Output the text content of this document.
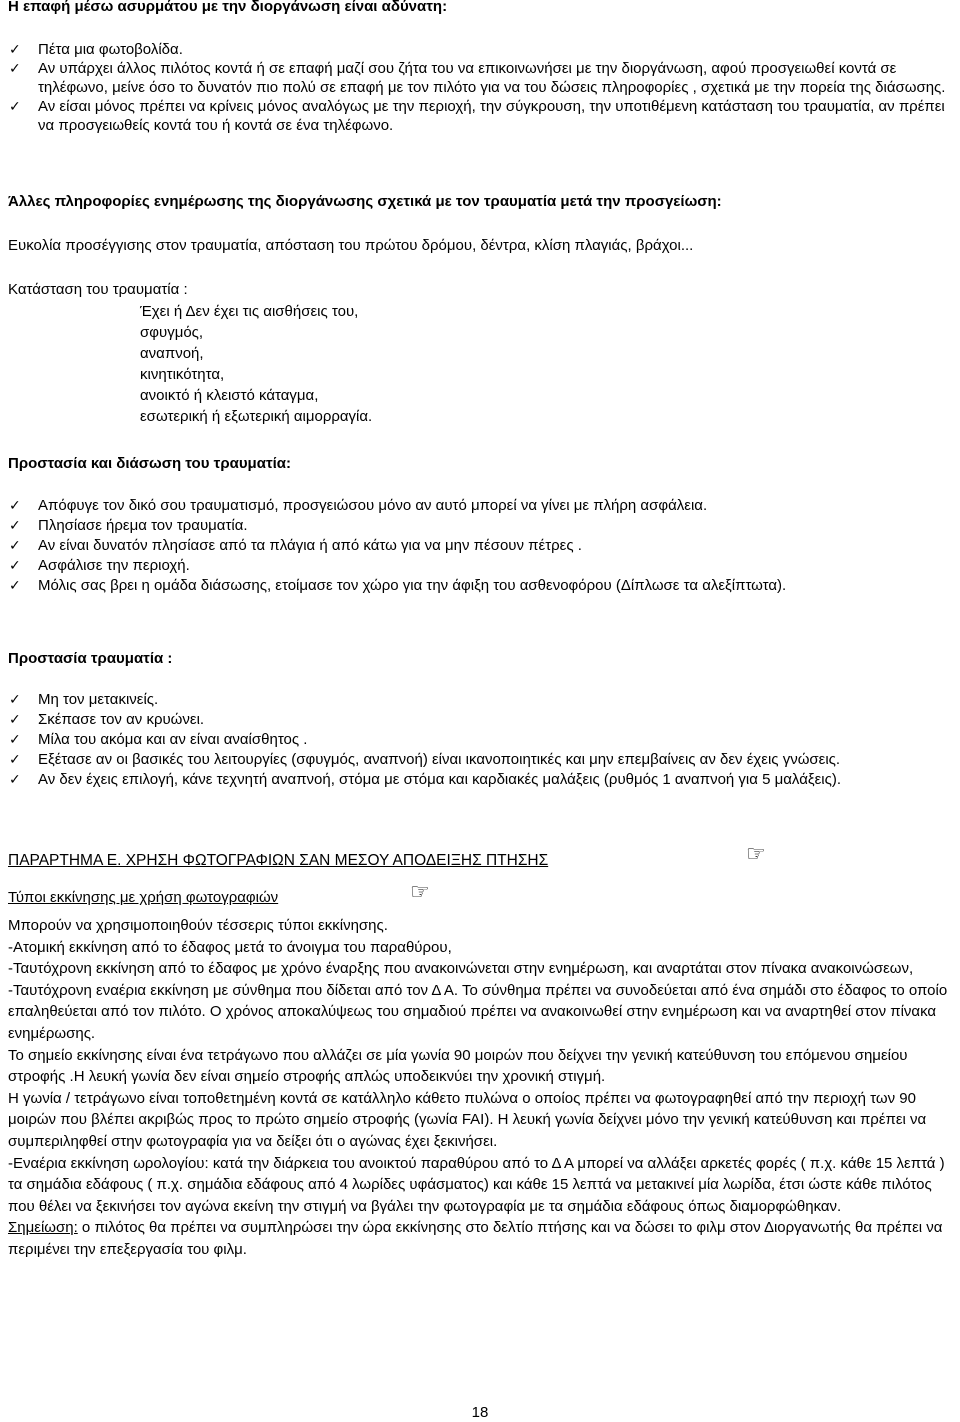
Η επαφή μέσω ασυρμάτου με την διοργάνωση είναι αδύνατη:
✓ Πέτα μια φωτοβολίδα.
✓ Αν υπάρχει άλλος πιλότος κοντά ή σε επαφή μαζί σου ζήτα του να επικοινωνήσει με την διοργάνωση, αφού προσγειωθεί κοντά σε τηλέφωνο, μείνε όσο το δυνατόν πιο πολύ σε επαφή με τον πιλότο για να του δώσεις πληροφορίες , σχετικά με την πορεία της διάσωσης.
✓ Αν είσαι μόνος πρέπει να κρίνεις μόνος αναλόγως με την περιοχή, την σύγκρουση, την υποτιθέμενη κατάσταση του τραυματία, αν πρέπει να προσγειωθείς κοντά του ή κοντά σε ένα τηλέφωνο.
Άλλες πληροφορίες ενημέρωσης της διοργάνωσης σχετικά με τον τραυματία μετά την προσγείωση:
Ευκολία προσέγγισης στον τραυματία, απόσταση του πρώτου δρόμου, δέντρα, κλίση πλαγιάς, βράχοι...
Κατάσταση του τραυματία :
Έχει ή Δεν έχει τις αισθήσεις του,
σφυγμός,
αναπνοή,
κινητικότητα,
ανοικτό ή κλειστό κάταγμα,
εσωτερική ή εξωτερική αιμορραγία.
Προστασία και διάσωση του τραυματία:
✓ Απόφυγε τον δικό σου τραυματισμό, προσγειώσου μόνο αν αυτό μπορεί να γίνει με πλήρη ασφάλεια.
✓ Πλησίασε ήρεμα τον τραυματία.
✓ Αν είναι δυνατόν πλησίασε από τα πλάγια ή από κάτω για να μην πέσουν πέτρες .
✓ Ασφάλισε την περιοχή.
✓ Μόλις σας βρει η ομάδα διάσωσης, ετοίμασε τον χώρο για την άφιξη του ασθενοφόρου (Δίπλωσε τα αλεξίπτωτα).
Προστασία τραυματία :
✓ Μη τον μετακινείς.
✓ Σκέπασε τον αν κρυώνει.
✓ Μίλα του ακόμα και αν είναι αναίσθητος .
✓ Εξέτασε αν οι βασικές του λειτουργίες (σφυγμός, αναπνοή) είναι ικανοποιητικές και μην επεμβαίνεις αν δεν έχεις γνώσεις.
✓ Αν δεν έχεις επιλογή, κάνε τεχνητή αναπνοή, στόμα με στόμα και καρδιακές μαλάξεις (ρυθμός 1 αναπνοή για 5 μαλάξεις).
ΠΑΡΑΡΤΗΜΑ Ε. ΧΡΗΣΗ ΦΩΤΟΓΡΑΦΙΩΝ ΣΑΝ ΜΕΣΟΥ ΑΠΟΔΕΙΞΗΣ ΠΤΗΣΗΣ	☞
Τύποι εκκίνησης με χρήση φωτογραφιών	☞

Μπορούν να χρησιμοποιηθούν τέσσερις τύποι εκκίνησης.

-Ατομική εκκίνηση από το έδαφος μετά το άνοιγμα του παραθύρου,

-Ταυτόχρονη εκκίνηση από το έδαφος με χρόνο έναρξης που ανακοινώνεται στην ενημέρωση, και αναρτάται στον πίνακα ανακοινώσεων,

-Ταυτόχρονη εναέρια εκκίνηση με σύνθημα που δίδεται από τον Δ Α. Το σύνθημα πρέπει να συνοδεύεται από ένα σημάδι στο έδαφος το οποίο επαληθεύεται από τον πιλότο. Ο χρόνος αποκαλύψεως του σημαδιού πρέπει να ανακοινωθεί στην ενημέρωση και να αναρτηθεί στον πίνακα ενημέρωσης.

Το σημείο εκκίνησης είναι ένα τετράγωνο που αλλάζει σε μία γωνία 90 μοιρών που δείχνει την γενική κατεύθυνση του επόμενου σημείου στροφής .Η λευκή γωνία δεν είναι σημείο στροφής απλώς υποδεικνύει την χρονική στιγμή.

Η γωνία / τετράγωνο είναι τοποθετημένη κοντά σε κατάλληλο κάθετο πυλώνα ο οποίος πρέπει να φωτογραφηθεί από την περιοχή των 90 μοιρών που βλέπει ακριβώς προς το πρώτο σημείο στροφής (γωνία FAI). Η λευκή γωνία δείχνει μόνο την γενική κατεύθυνση και πρέπει να συμπεριληφθεί στην φωτογραφία για να δείξει ότι ο αγώνας έχει ξεκινήσει.

-Εναέρια εκκίνηση ωρολογίου: κατά την διάρκεια του ανοικτού παραθύρου από το Δ Α μπορεί να αλλάξει αρκετές φορές ( π.χ. κάθε 15 λεπτά ) τα σημάδια εδάφους ( π.χ. σημάδια εδάφους από 4 λωρίδες υφάσματος) και κάθε 15 λεπτά να μετακινεί μία λωρίδα, έτσι ώστε κάθε πιλότος που θέλει να ξεκινήσει τον αγώνα εκείνη την στιγμή να βγάλει την φωτογραφία με τα σημάδια εδάφους όπως διαμορφώθηκαν.

Σημείωση: ο πιλότος θα πρέπει να συμπληρώσει την ώρα εκκίνησης στο δελτίο πτήσης και να δώσει το φιλμ στον Διοργανωτής θα πρέπει να περιμένει την επεξεργασία του φιλμ.

18
